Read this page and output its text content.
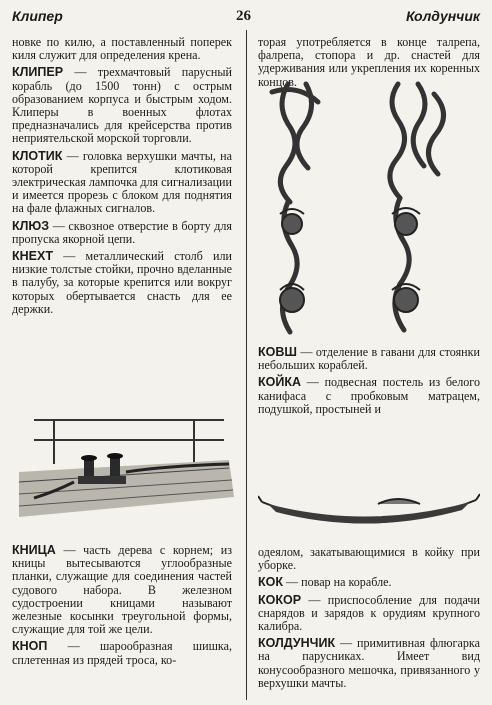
Клипер	26	Колдунчик

новке по килю, а поставленный поперек киля служит для определения крена.

КЛИПЕР — трехмачтовый парусный корабль (до 1500 тонн) с острым образованием корпуса и быстрым ходом. Клиперы в военных флотах предназначались для крейсерства против неприятельской морской торговли.

КЛОТИК — головка верхушки мачты, на которой крепится клотиковая электрическая лампочка для сигнализации и имеется прорезь с блоком для поднятия на фале флажных сигналов.

КЛЮЗ — сквозное отверстие в борту для пропуска якорной цепи.

КНЕХТ — металлический столб или низкие толстые стойки, прочно вделанные в палубу, за которые крепится или вокруг которых обертывается снасть для ее держки.

КНИЦА — часть дерева с корнем; из кницы вытесываются углообразные планки, служащие для соединения частей судового набора. В железном судостроении кницами называют железные косынки треугольной формы, служащие для той же цели.

КНОП — шарообразная шишка, сплетенная из прядей троса, ко-

торая употребляется в конце талрепа, фалрепа, стопора и др. снастей для удерживания или укрепления их коренных концов.

КОВШ — отделение в гавани для стоянки небольших кораблей.

КОЙКА — подвесная постель из белого канифаса с пробковым матрацем, подушкой, простыней и

одеялом, закатывающимися в койку при уборке.

КОК — повар на корабле.

КОКОР — приспособление для подачи снарядов и зарядов к орудиям крупного калибра.

КОЛДУНЧИК — примитивная флюгарка на парусниках. Имеет вид конусообразного мешочка, привязанного у верхушки мачты.
